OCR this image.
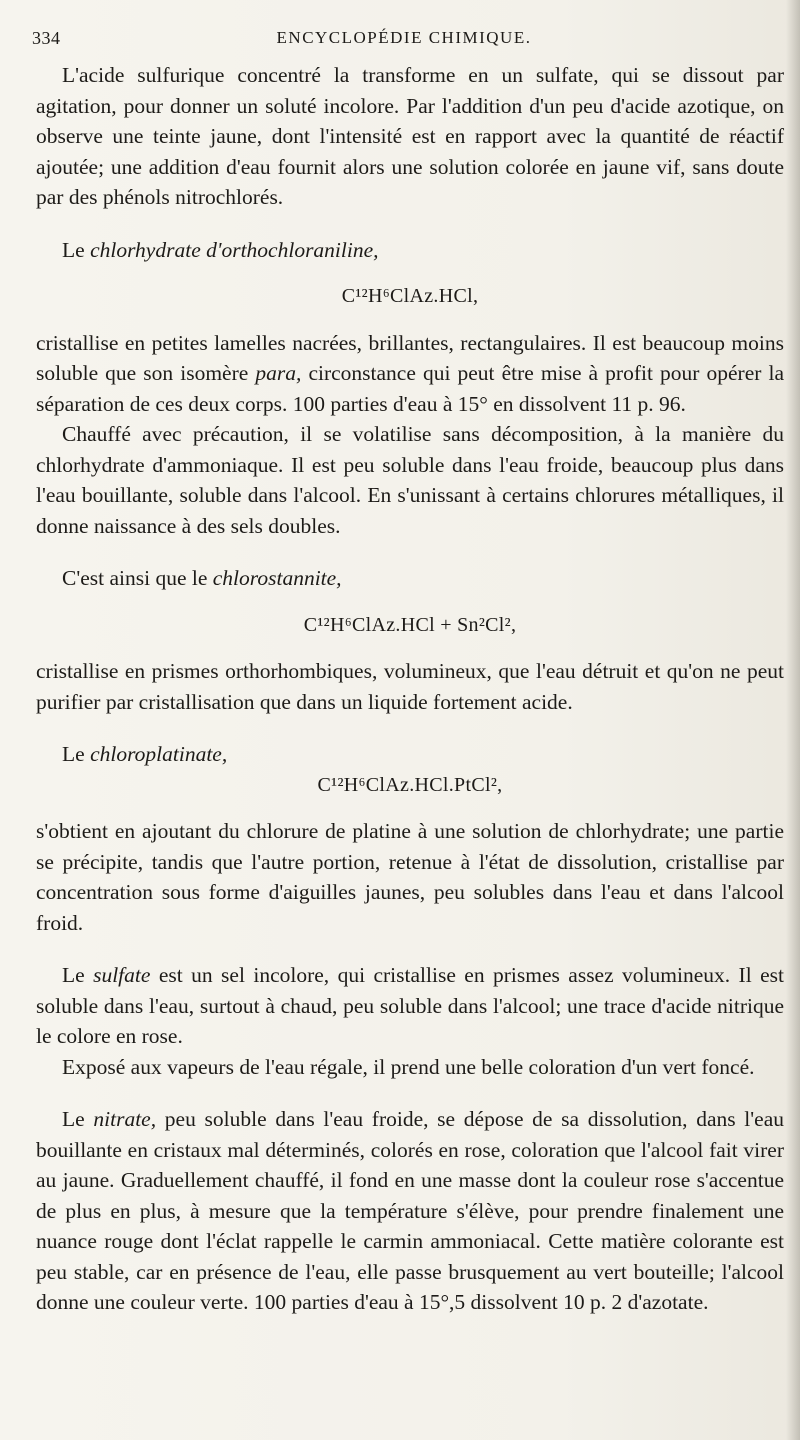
334	ENCYCLOPÉDIE CHIMIQUE.

L'acide sulfurique concentré la transforme en un sulfate, qui se dissout par agitation, pour donner un soluté incolore. Par l'addition d'un peu d'acide azotique, on observe une teinte jaune, dont l'intensité est en rapport avec la quantité de réactif ajoutée; une addition d'eau fournit alors une solution colorée en jaune vif, sans doute par des phénols nitrochlorés.

Le chlorhydrate d'orthochloraniline,

C¹²H⁶ClAz.HCl,

cristallise en petites lamelles nacrées, brillantes, rectangulaires. Il est beaucoup moins soluble que son isomère para, circonstance qui peut être mise à profit pour opérer la séparation de ces deux corps. 100 parties d'eau à 15° en dissolvent 11 p. 96.

Chauffé avec précaution, il se volatilise sans décomposition, à la manière du chlorhydrate d'ammoniaque. Il est peu soluble dans l'eau froide, beaucoup plus dans l'eau bouillante, soluble dans l'alcool. En s'unissant à certains chlorures métalliques, il donne naissance à des sels doubles.

C'est ainsi que le chlorostannite,

C¹²H⁶ClAz.HCl + Sn²Cl²,

cristallise en prismes orthorhombiques, volumineux, que l'eau détruit et qu'on ne peut purifier par cristallisation que dans un liquide fortement acide.

Le chloroplatinate,

C¹²H⁶ClAz.HCl.PtCl²,

s'obtient en ajoutant du chlorure de platine à une solution de chlorhydrate; une partie se précipite, tandis que l'autre portion, retenue à l'état de dissolution, cristallise par concentration sous forme d'aiguilles jaunes, peu solubles dans l'eau et dans l'alcool froid.

Le sulfate est un sel incolore, qui cristallise en prismes assez volumineux. Il est soluble dans l'eau, surtout à chaud, peu soluble dans l'alcool; une trace d'acide nitrique le colore en rose.

Exposé aux vapeurs de l'eau régale, il prend une belle coloration d'un vert foncé.

Le nitrate, peu soluble dans l'eau froide, se dépose de sa dissolution, dans l'eau bouillante en cristaux mal déterminés, colorés en rose, coloration que l'alcool fait virer au jaune. Graduellement chauffé, il fond en une masse dont la couleur rose s'accentue de plus en plus, à mesure que la température s'élève, pour prendre finalement une nuance rouge dont l'éclat rappelle le carmin ammoniacal. Cette matière colorante est peu stable, car en présence de l'eau, elle passe brusquement au vert bouteille; l'alcool donne une couleur verte. 100 parties d'eau à 15°,5 dissolvent 10 p. 2 d'azotate.
